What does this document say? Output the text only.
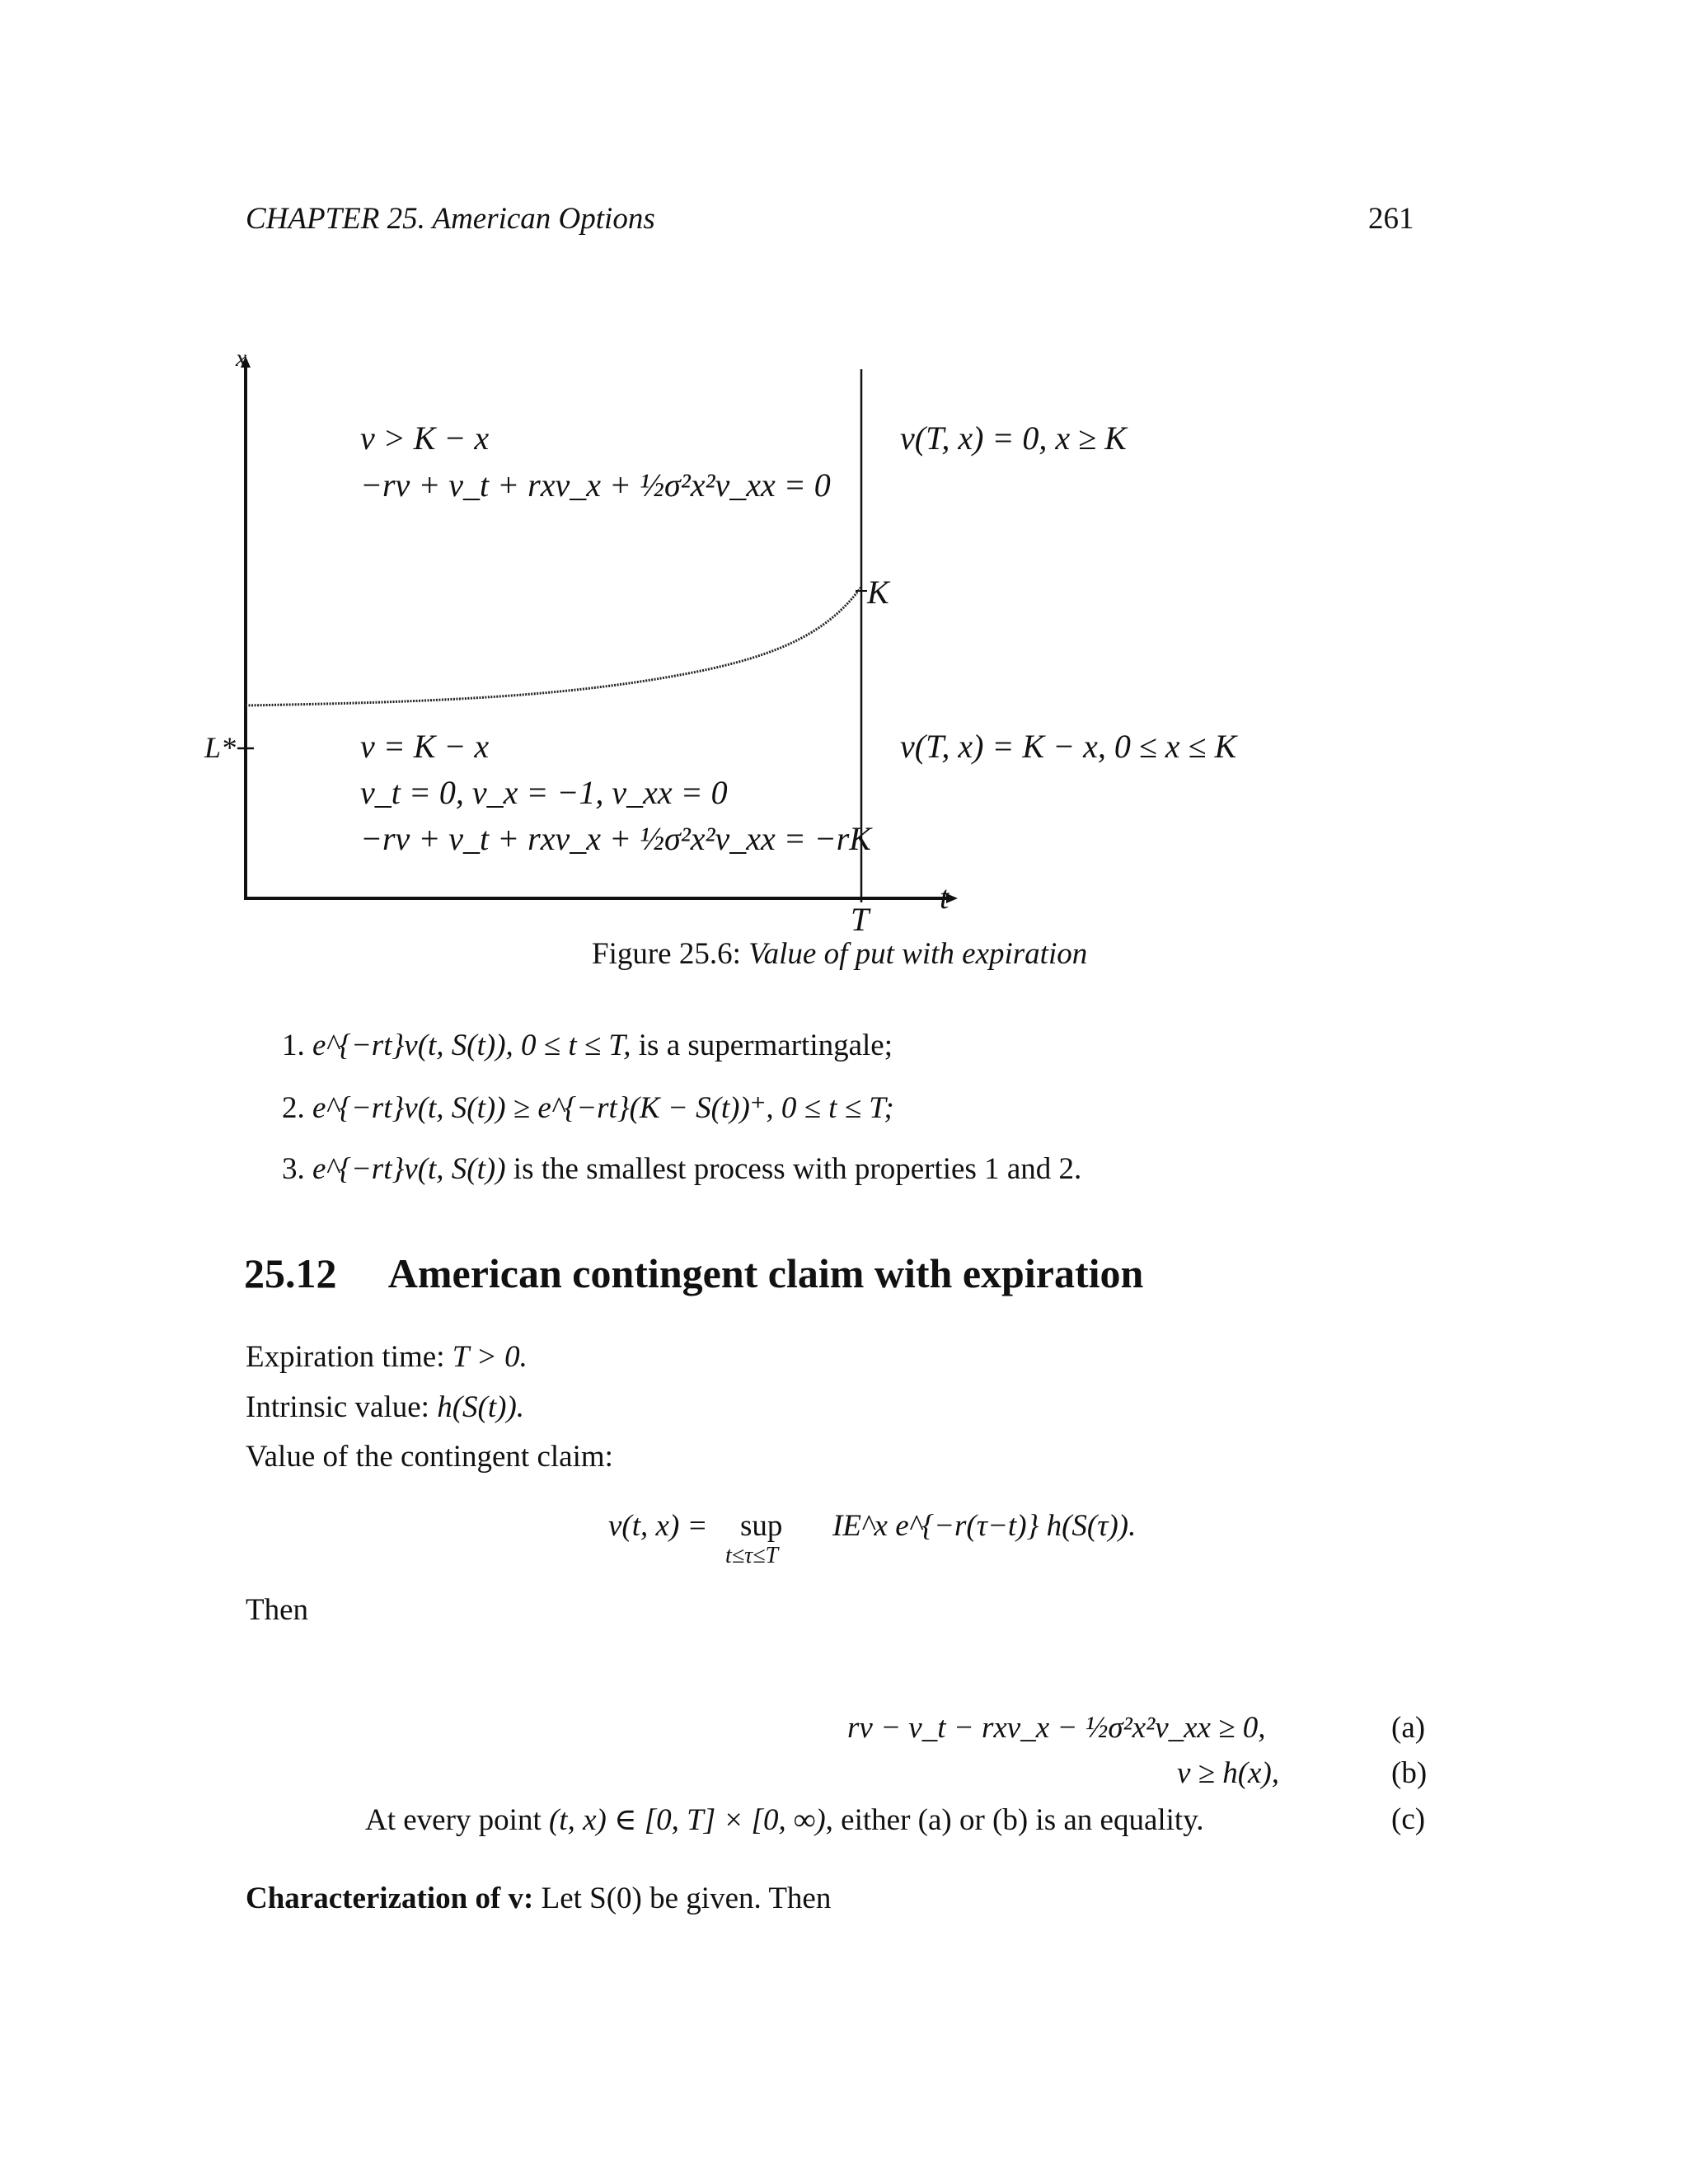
CHAPTER 25. American Options	261
x
t
L*
K
T
v > K − x
−rv + v_t + rxv_x + ½σ²x²v_xx = 0
v(T, x) = 0, x ≥ K
v = K − x
v_t = 0, v_x = −1, v_xx = 0
−rv + v_t + rxv_x + ½σ²x²v_xx = −rK
v(T, x) = K − x, 0 ≤ x ≤ K
Figure 25.6: Value of put with expiration
1. e^{−rt}v(t, S(t)), 0 ≤ t ≤ T, is a supermartingale;
2. e^{−rt}v(t, S(t)) ≥ e^{−rt}(K − S(t))⁺, 0 ≤ t ≤ T;
3. e^{−rt}v(t, S(t)) is the smallest process with properties 1 and 2.
25.12 American contingent claim with expiration
Expiration time: T > 0.
Intrinsic value: h(S(t)).
Value of the contingent claim:
v(t, x) = sup
t≤τ≤T
IE^x e^{−r(τ−t)} h(S(τ)).
Then
rv − v_t − rxv_x − ½σ²x²v_xx ≥ 0,	(a)
v ≥ h(x),	(b)
At every point (t, x) ∈ [0, T] × [0, ∞), either (a) or (b) is an equality.	(c)
Characterization of v: Let S(0) be given. Then
